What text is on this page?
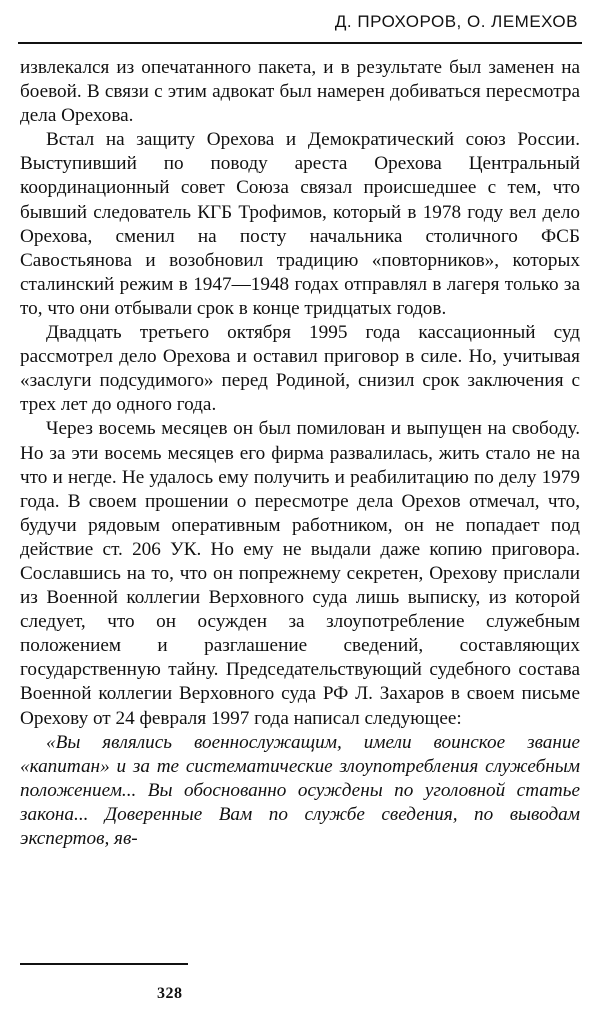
Д. ПРОХОРОВ, О. ЛЕМЕХОВ

извлекался из опечатанного пакета, и в результате был заменен на боевой. В связи с этим адвокат был намерен добиваться пересмотра дела Орехова.

Встал на защиту Орехова и Демократический союз России. Выступивший по поводу ареста Орехова Центральный координационный совет Союза связал происшедшее с тем, что бывший следователь КГБ Трофимов, который в 1978 году вел дело Орехова, сменил на посту начальника столичного ФСБ Савостьянова и возобновил традицию «повторников», которых сталинский режим в 1947—1948 годах отправлял в лагеря только за то, что они отбывали срок в конце тридцатых годов.

Двадцать третьего октября 1995 года кассационный суд рассмотрел дело Орехова и оставил приговор в силе. Но, учитывая «заслуги подсудимого» перед Родиной, снизил срок заключения с трех лет до одного года.

Через восемь месяцев он был помилован и выпущен на свободу. Но за эти восемь месяцев его фирма развалилась, жить стало не на что и негде. Не удалось ему получить и реабилитацию по делу 1979 года. В своем прошении о пересмотре дела Орехов отмечал, что, будучи рядовым оперативным работником, он не попадает под действие ст. 206 УК. Но ему не выдали даже копию приговора. Сославшись на то, что он попрежнему секретен, Орехову прислали из Военной коллегии Верховного суда лишь выписку, из которой следует, что он осужден за злоупотребление служебным положением и разглашение сведений, составляющих государственную тайну. Председательствующий судебного состава Военной коллегии Верховного суда РФ Л. Захаров в своем письме Орехову от 24 февраля 1997 года написал следующее:

«Вы являлись военнослужащим, имели воинское звание «капитан» и за те систематические злоупотребления служебным положением... Вы обоснованно осуждены по уголовной статье закона... Доверенные Вам по службе сведения, по выводам экспертов, яв-

328
